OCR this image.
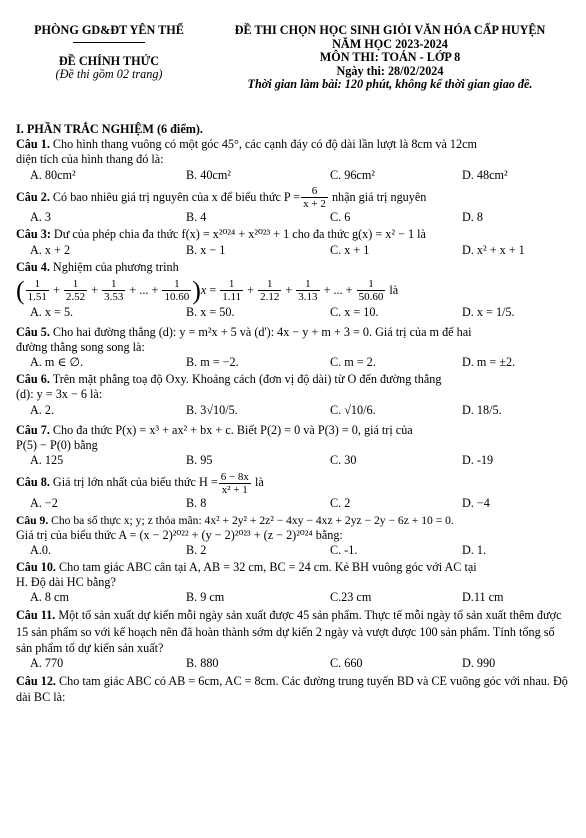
PHÒNG GD&ĐT YÊN THẾ
ĐỀ CHÍNH THỨC
(Đề thi gồm 02 trang)
ĐỀ THI CHỌN HỌC SINH GIỎI VĂN HÓA CẤP HUYỆN
NĂM HỌC 2023-2024
MÔN THI: TOÁN - LỚP 8
Ngày thi: 28/02/2024
Thời gian làm bài: 120 phút, không kể thời gian giao đề.
I. PHẦN TRẮC NGHIỆM (6 điểm).
Câu 1. Cho hình thang vuông có một góc 45°, các cạnh đáy có độ dài lần lượt là 8cm và 12cm
diện tích của hình thang đó là:
A. 80cm²	B. 40cm²	C. 96cm²	D. 48cm²
Câu 2. Có bao nhiêu giá trị nguyên của x để biểu thức $P = \frac{6}{x + 2}$ nhận giá trị nguyên
A. 3	B. 4	C. 6	D. 8
Câu 3: Dư của phép chia đa thức f(x) = x²⁰²⁴ + x²⁰²³ + 1 cho đa thức g(x) = x² − 1 là
A. x + 2	B. x − 1	C. x + 1	D. x² + x + 1
Câu 4. Nghiệm của phương trình
( $\frac{1}{1.51} + \frac{1}{2.52} + \frac{1}{3.53}$ + ... + $\frac{1}{10.60} )x = \frac{1}{1.11} + \frac{1}{2.12} + \frac{1}{3.13}$ + ... + $\frac{1}{50.60}$ là
A. x = 5.	B. x = 50.	C. x = 10.	D. x = 1/5.
Câu 5. Cho hai đường thẳng (d): y = m²x + 5 và (d'): 4x − y + m + 3 = 0. Giá trị của m để hai
đường thẳng song song là:
A. m ∈ ∅.	B. m = −2.	C. m = 2.	D. m = ±2.
Câu 6. Trên mặt phẳng toạ độ Oxy. Khoảng cách (đơn vị độ dài) từ O đến đường thẳng
(d): y = 3x − 6 là:
A. 2.	B. 3√10/5.	C. √10/6.	D. 18/5.
Câu 7. Cho đa thức P(x) = x³ + ax² + bx + c. Biết P(2) = 0 và P(3) = 0, giá trị của
P(5) − P(0) bằng
A. 125	B. 95	C. 30	D. -19
Câu 8. Giá trị lớn nhất của biểu thức $H = \frac{6 - 8x}{\text{x² + 1}}$ là
A. −2	B. 8	C. 2	D. −4
Câu 9. Cho ba số thực x; y; z thỏa mãn: 4x² + 2y² + 2z² − 4xy − 4xz + 2yz − 2y − 6z + 10 = 0.
Giá trị của biểu thức A = (x − 2)²⁰²² + (y − 2)²⁰²³ + (z − 2)²⁰²⁴ bằng:
A.0.	B. 2	C. -1.	D. 1.
Câu 10. Cho tam giác ABC cân tại A, AB = 32 cm, BC = 24 cm. Kẻ BH vuông góc với AC tại
H. Độ dài HC bằng?
A. 8 cm	B. 9 cm	C.23 cm	D.11 cm
Câu 11. Một tổ sản xuất dự kiến mỗi ngày sản xuất được 45 sản phẩm. Thực tế mỗi ngày tổ sản xuất thêm được 15 sản phẩm so với kế hoạch nên đã hoàn thành sớm dự kiến 2 ngày và vượt được 100 sản phẩm. Tính tổng số sản phẩm tổ dự kiến sản xuất?
A. 770	B. 880	C. 660	D. 990
Câu 12. Cho tam giác ABC có AB = 6cm, AC = 8cm. Các đường trung tuyến BD và CE vuông góc với nhau. Độ dài BC là:
